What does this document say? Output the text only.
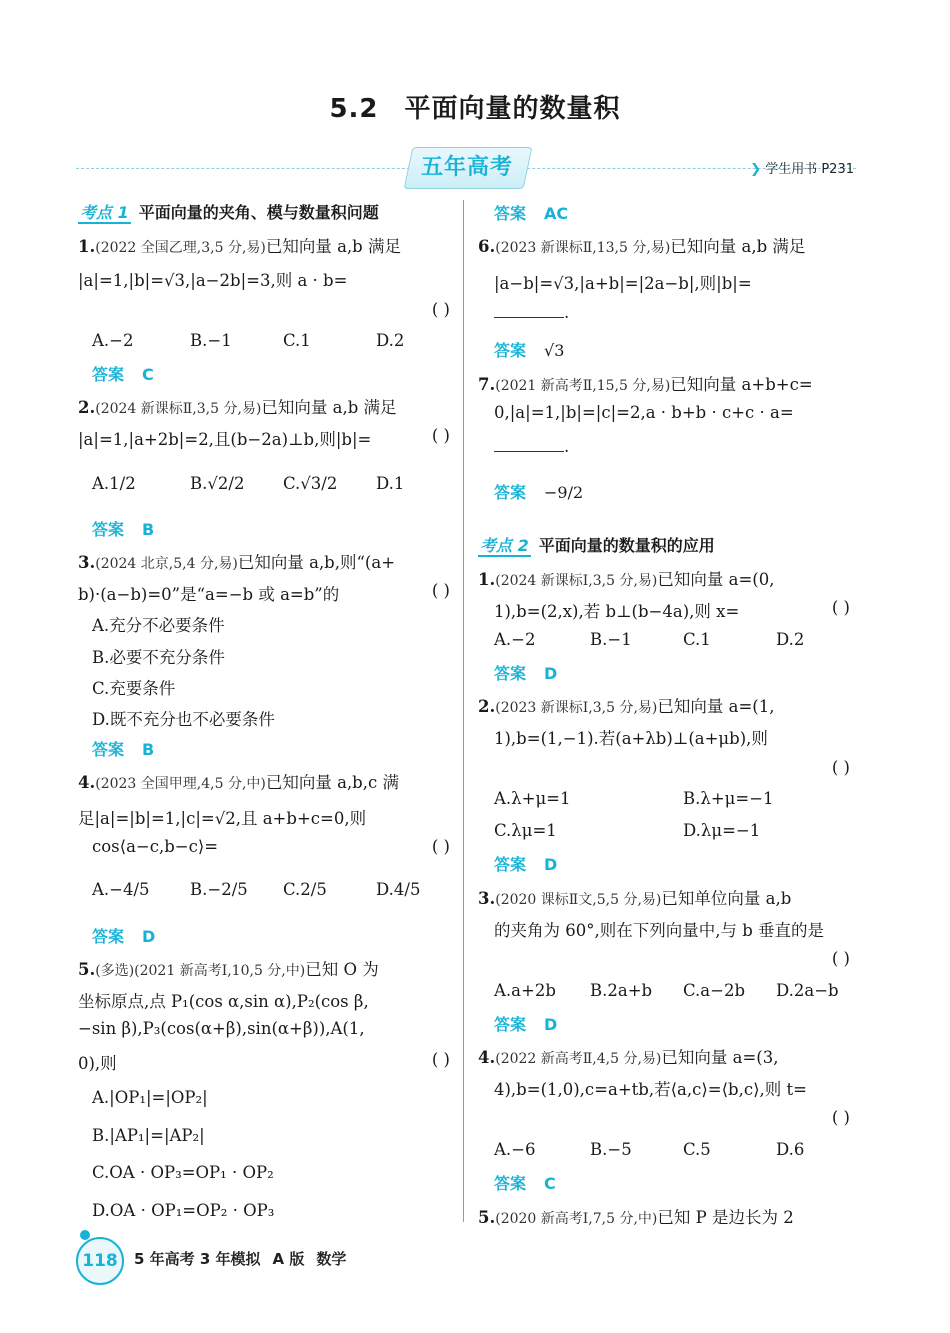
5.2 平面向量的数量积
五年高考	❯ 学生用书 P231
考点 1 平面向量的夹角、模与数量积问题
1.(2022 全国乙理,3,5 分,易)已知向量 a,b 满足
|a|=1,|b|=√3,|a−2b|=3,则 a · b=
( )
A.−2	B.−1	C.1	D.2
答案 C
2.(2024 新课标Ⅱ,3,5 分,易)已知向量 a,b 满足
|a|=1,|a+2b|=2,且(b−2a)⊥b,则|b|=	( )
A.1/2	B.√2/2 C.√3/2 D.1
答案 B
3.(2024 北京,5,4 分,易)已知向量 a,b,则“(a+
b)·(a−b)=0”是“a=−b 或 a=b”的	( )
A.充分不必要条件
B.必要不充分条件
C.充要条件
D.既不充分也不必要条件
答案 B
4.(2023 全国甲理,4,5 分,中)已知向量 a,b,c 满
足|a|=|b|=1,|c|=√2,且 a+b+c=0,则
cos⟨a−c,b−c⟩=	( )
A.−4/5 B.−2/5 C.2/5	D.4/5
答案 D
5.(多选)(2021 新高考Ⅰ,10,5 分,中)已知 O 为
坐标原点,点 P₁(cos α,sin α),P₂(cos β,
−sin β),P₃(cos(α+β),sin(α+β)),A(1,
0),则	( )
A.|OP₁|=|OP₂|
B.|AP₁|=|AP₂|
C.OA · OP₃=OP₁ · OP₂
D.OA · OP₁=OP₂ · OP₃
答案 AC
6.(2023 新课标Ⅱ,13,5 分,易)已知向量 a,b 满足
|a−b|=√3,|a+b|=|2a−b|,则|b|=
.
答案 √3
7.(2021 新高考Ⅱ,15,5 分,易)已知向量 a+b+c=
0,|a|=1,|b|=|c|=2,a · b+b · c+c · a=
.
答案 −9/2
考点 2 平面向量的数量积的应用
1.(2024 新课标Ⅰ,3,5 分,易)已知向量 a=(0,
1),b=(2,x),若 b⊥(b−4a),则 x=	( )
A.−2	B.−1	C.1	D.2
答案 D
2.(2023 新课标Ⅰ,3,5 分,易)已知向量 a=(1,
1),b=(1,−1).若(a+λb)⊥(a+μb),则
( )
A.λ+μ=1	B.λ+μ=−1
C.λμ=1	D.λμ=−1
答案 D
3.(2020 课标Ⅱ文,5,5 分,易)已知单位向量 a,b
的夹角为 60°,则在下列向量中,与 b 垂直的是
( )
A.a+2b B.2a+b C.a−2b D.2a−b
答案 D
4.(2022 新高考Ⅱ,4,5 分,易)已知向量 a=(3,
4),b=(1,0),c=a+tb,若⟨a,c⟩=⟨b,c⟩,则 t=
( )
A.−6	B.−5	C.5	D.6
答案 C
5.(2020 新高考Ⅰ,7,5 分,中)已知 P 是边长为 2
118	5 年高考 3 年模拟 A 版 数学
